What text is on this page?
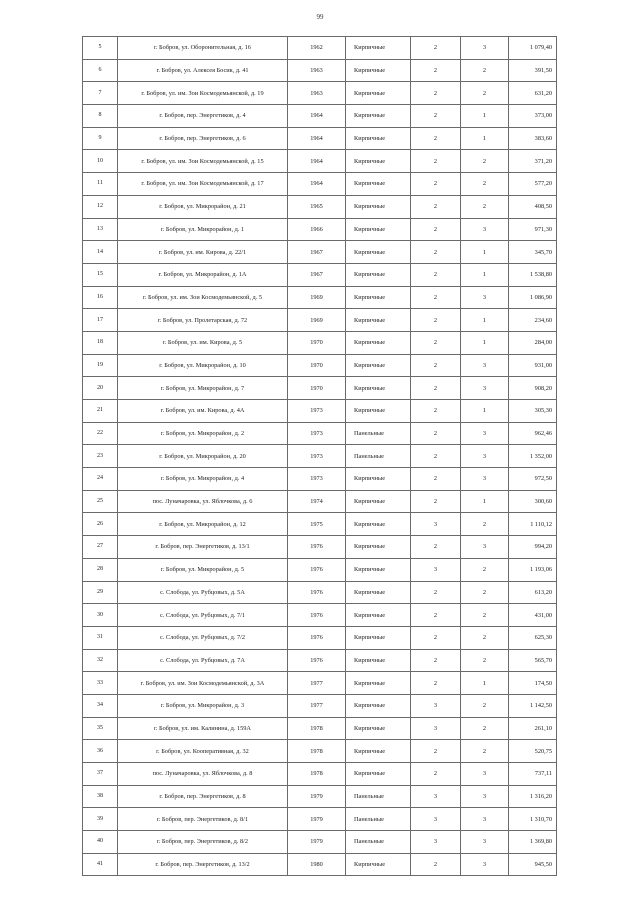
99
5	г. Бобров, ул. Оборонительная, д. 16	1962	Кирпичные	2	3	1 079,40
6	г. Бобров, ул. Алексея Босик, д. 41	1963	Кирпичные	2	2	391,50
7	г. Бобров, ул. им. Зои Космодемьянской, д. 19	1963	Кирпичные	2	2	631,20
8	г. Бобров, пер. Энергетиков, д. 4	1964	Кирпичные	2	1	373,00
9	г. Бобров, пер. Энергетиков, д. 6	1964	Кирпичные	2	1	383,60
10	г. Бобров, ул. им. Зои Космодемьянской, д. 15	1964	Кирпичные	2	2	371,20
11	г. Бобров, ул. им. Зои Космодемьянской, д. 17	1964	Кирпичные	2	2	577,20
12	г. Бобров, ул. Микрорайон, д. 21	1965	Кирпичные	2	2	408,50
13	г. Бобров, ул. Микрорайон, д. 1	1966	Кирпичные	2	3	971,30
14	г. Бобров, ул. им. Кирова, д. 22/1	1967	Кирпичные	2	1	345,70
15	г. Бобров, ул. Микрорайон, д. 1А	1967	Кирпичные	2	1	1 538,80
16	г. Бобров, ул. им. Зои Космодемьянской, д. 5	1969	Кирпичные	2	3	1 086,90
17	г. Бобров, ул. Пролетарская, д. 72	1969	Кирпичные	2	1	234,60
18	г. Бобров, ул. им. Кирова, д. 5	1970	Кирпичные	2	1	284,00
19	г. Бобров, ул. Микрорайон, д. 10	1970	Кирпичные	2	3	931,00
20	г. Бобров, ул. Микрорайон, д. 7	1970	Кирпичные	2	3	908,20
21	г. Бобров, ул. им. Кирова, д. 4А	1973	Кирпичные	2	1	305,30
22	г. Бобров, ул. Микрорайон, д. 2	1973	Панельные	2	3	962,46
23	г. Бобров, ул. Микрорайон, д. 20	1973	Панельные	2	3	1 352,00
24	г. Бобров, ул. Микрорайон, д. 4	1973	Кирпичные	2	3	972,50
25	пос. Луначаровка, ул. Яблочкова, д. 6	1974	Кирпичные	2	1	300,60
26	г. Бобров, ул. Микрорайон, д. 12	1975	Кирпичные	3	2	1 110,12
27	г. Бобров, пер. Энергетиков, д. 13/1	1976	Кирпичные	2	3	994,20
28	г. Бобров, ул. Микрорайон, д. 5	1976	Кирпичные	3	2	1 193,06
29	с. Слобода, ул. Рубцовых, д. 5А	1976	Кирпичные	2	2	613,20
30	с. Слобода, ул. Рубцовых, д. 7/1	1976	Кирпичные	2	2	431,00
31	с. Слобода, ул. Рубцовых, д. 7/2	1976	Кирпичные	2	2	625,30
32	с. Слобода, ул. Рубцовых, д. 7А	1976	Кирпичные	2	2	565,70
33	г. Бобров, ул. им. Зои Космодемьянской, д. 3А	1977	Кирпичные	2	1	174,50
34	г. Бобров, ул. Микрорайон, д. 3	1977	Кирпичные	3	2	1 142,50
35	г. Бобров, ул. им. Калинина, д. 159А	1978	Кирпичные	3	2	261,10
36	г. Бобров, ул. Кооперативная, д. 32	1978	Кирпичные	2	2	520,75
37	пос. Луначаровка, ул. Яблочкова, д. 8	1978	Кирпичные	2	3	737,11
38	г. Бобров, пер. Энергетиков, д. 8	1979	Панельные	3	3	1 316,20
39	г. Бобров, пер. Энергетиков, д. 8/1	1979	Панельные	3	3	1 310,70
40	г. Бобров, пер. Энергетиков, д. 8/2	1979	Панельные	3	3	1 369,80
41	г. Бобров, пер. Энергетиков, д. 13/2	1980	Кирпичные	2	3	945,50
